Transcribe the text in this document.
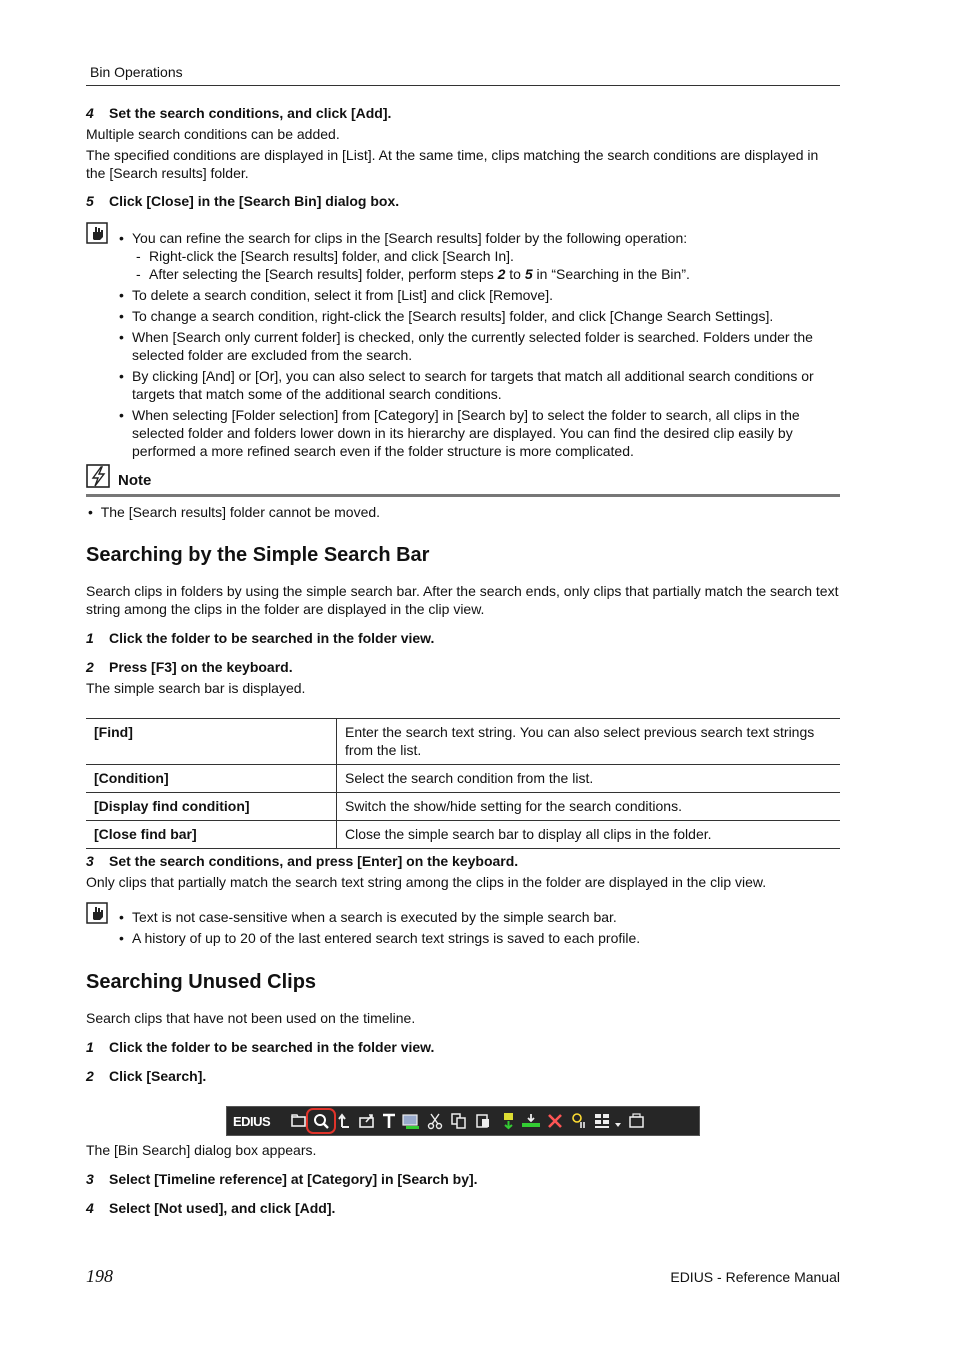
Bin Operations
4 Set the search conditions, and click [Add].
Multiple search conditions can be added.
The specified conditions are displayed in [List]. At the same time, clips matching the search conditions are displayed in the [Search results] folder.
5 Click [Close] in the [Search Bin] dialog box.
• You can refine the search for clips in the [Search results] folder by the following operation:
- Right-click the [Search results] folder, and click [Search In].
- After selecting the [Search results] folder, perform steps 2 to 5 in “Searching in the Bin”.
• To delete a search condition, select it from [List] and click [Remove].
• To change a search condition, right-click the [Search results] folder, and click [Change Search Settings].
• When [Search only current folder] is checked, only the currently selected folder is searched. Folders under the selected folder are excluded from the search.
• By clicking [And] or [Or], you can also select to search for targets that match all additional search conditions or targets that match some of the additional search conditions.
• When selecting [Folder selection] from [Category] in [Search by] to select the folder to search, all clips in the selected folder and folders lower down in its hierarchy are displayed. You can find the desired clip easily by performed a more refined search even if the folder structure is more complicated.
Note
•  The [Search results] folder cannot be moved.
Searching by the Simple Search Bar
Search clips in folders by using the simple search bar. After the search ends, only clips that partially match the search text string among the clips in the folder are displayed in the clip view.
1 Click the folder to be searched in the folder view.
2 Press [F3] on the keyboard.
The simple search bar is displayed.
[Find]	Enter the search text string. You can also select previous search text strings from the list.
[Condition]	Select the search condition from the list.
[Display find condition]	Switch the show/hide setting for the search conditions.
[Close find bar]	Close the simple search bar to display all clips in the folder.
3 Set the search conditions, and press [Enter] on the keyboard.
Only clips that partially match the search text string among the clips in the folder are displayed in the clip view.
• Text is not case-sensitive when a search is executed by the simple search bar.
• A history of up to 20 of the last entered search text strings is saved to each profile.
Searching Unused Clips
Search clips that have not been used on the timeline.
1 Click the folder to be searched in the folder view.
2 Click [Search].
EDIUS
The [Bin Search] dialog box appears.
3 Select [Timeline reference] at [Category] in [Search by].
4 Select [Not used], and click [Add].
198	EDIUS - Reference Manual
